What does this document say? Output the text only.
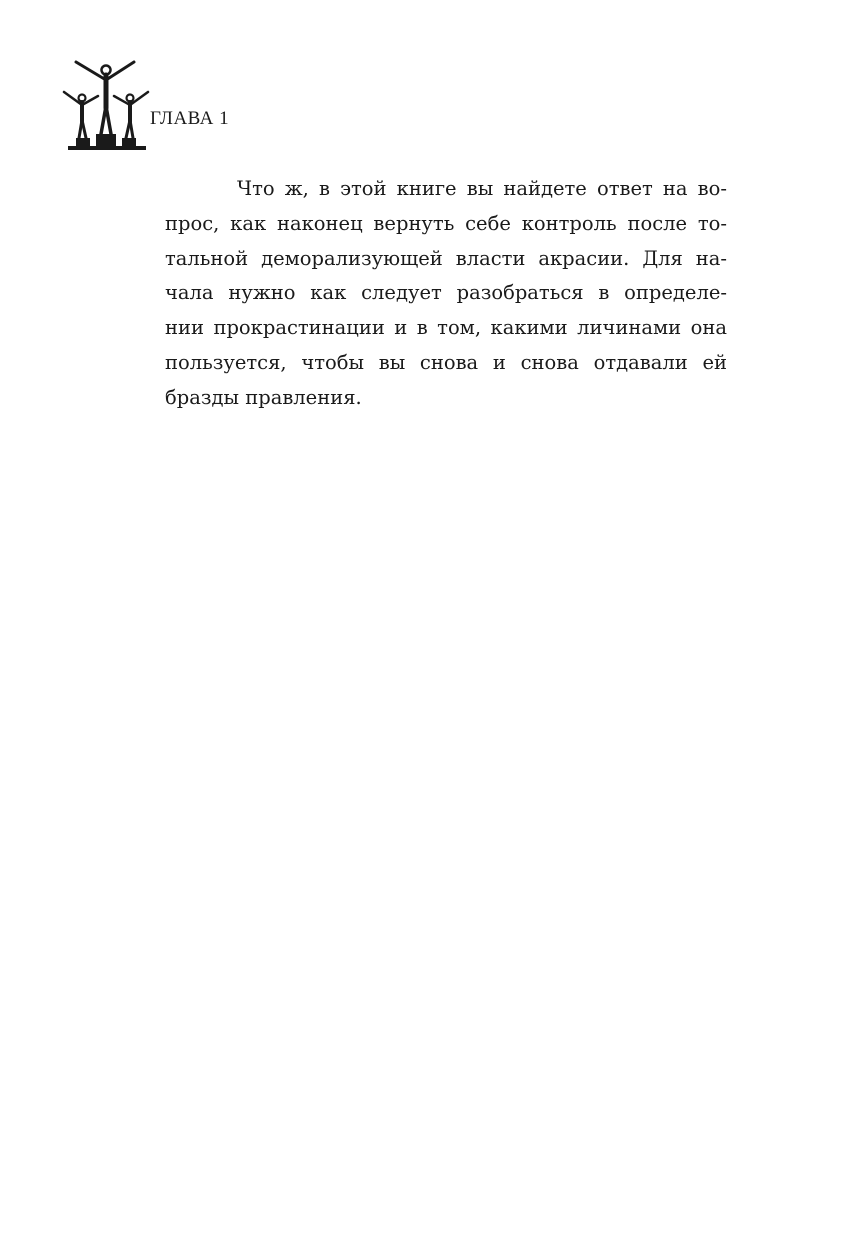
ГЛАВА 1
Что ж, в этой книге вы найдете ответ на во-
прос, как наконец вернуть себе контроль после то-
тальной деморализующей власти акрасии. Для на-
чала нужно как следует разобраться в определе-
нии прокрастинации и в том, какими личинами она
пользуется, чтобы вы снова и снова отдавали ей
бразды правления.
